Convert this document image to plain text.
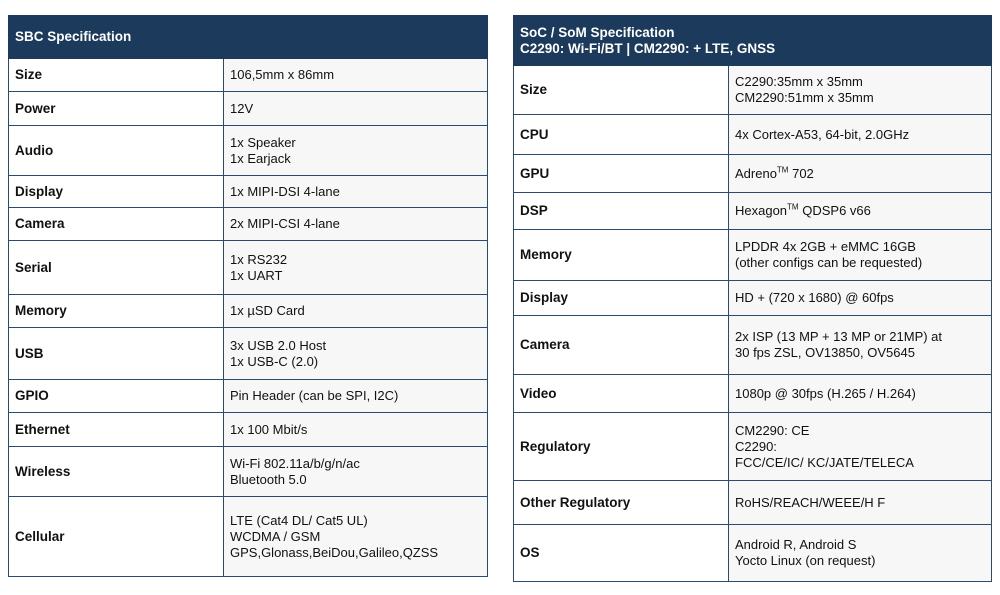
SBC Specification	
Size	106,5mm x 86mm

Power	12V

Audio	1x Speaker
1x Earjack

Display	1x MIPI-DSI 4-lane

Camera	2x MIPI-CSI 4-lane

Serial	1x RS232
1x UART

Memory	1x µSD Card

USB	3x USB 2.0 Host
1x USB-C (2.0)

GPIO	Pin Header (can be SPI, I2C)

Ethernet	1x 100 Mbit/s

Wireless	Wi-Fi 802.11a/b/g/n/ac
Bluetooth 5.0

Cellular	LTE (Cat4 DL/ Cat5 UL)
WCDMA / GSM
GPS,Glonass,BeiDou,Galileo,QZSS
SoC / SoM Specification
C2290: Wi-Fi/BT | CM2290: + LTE, GNSS	

Size	C2290:35mm x 35mm
CM2290:51mm x 35mm

CPU	4x Cortex-A53, 64-bit, 2.0GHz

GPU	Adreno™ 702
DSP	Hexagon™ QDSP6 v66
Memory	LPDDR 4x 2GB + eMMC 16GB
(other configs can be requested)

Display	HD + (720 x 1680) @ 60fps

Camera	2x ISP (13 MP + 13 MP or 21MP) at
30 fps ZSL, OV13850, OV5645

Video	1080p @ 30fps (H.265 / H.264)

Regulatory	CM2290: CE
C2290:
FCC/CE/IC/ KC/JATE/TELECA

Other Regulatory	RoHS/REACH/WEEE/H F

OS	Android R, Android S
Yocto Linux (on request)
